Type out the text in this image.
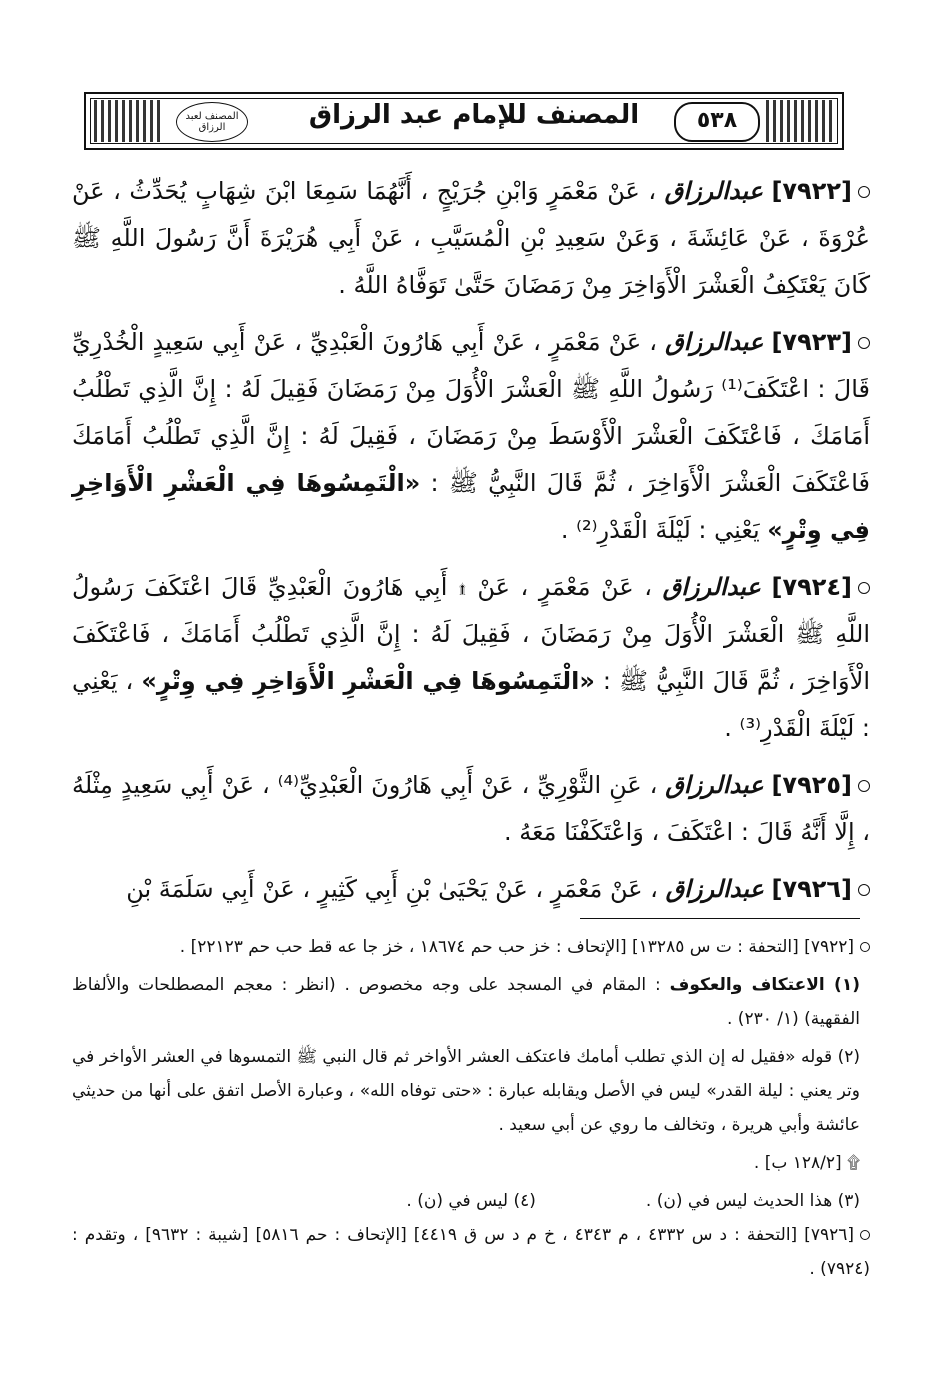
المصنف لعبد الرزاق	المصنف للإمام عبد الرزاق	٥٣٨

[٧٩٢٢] عبدالرزاق ، عَنْ مَعْمَرٍ وَابْنِ جُرَيْجٍ ، أَنَّهُمَا سَمِعَا ابْنَ شِهَابٍ يُحَدِّثُ ، عَنْ عُرْوَةَ ، عَنْ عَائِشَةَ ، وَعَنْ سَعِيدِ بْنِ الْمُسَيَّبِ ، عَنْ أَبِي هُرَيْرَةَ أَنَّ رَسُولَ اللَّهِ ﷺ كَانَ يَعْتَكِفُ الْعَشْرَ الْأَوَاخِرَ مِنْ رَمَضَانَ حَتَّىٰ تَوَفَّاهُ اللَّهُ .

[٧٩٢٣] عبدالرزاق ، عَنْ مَعْمَرٍ ، عَنْ أَبِي هَارُونَ الْعَبْدِيِّ ، عَنْ أَبِي سَعِيدٍ الْخُدْرِيِّ قَالَ : اعْتَكَفَ⁽¹⁾ رَسُولُ اللَّهِ ﷺ الْعَشْرَ الْأُوَلَ مِنْ رَمَضَانَ فَقِيلَ لَهُ : إِنَّ الَّذِي تَطْلُبُ أَمَامَكَ ، فَاعْتَكَفَ الْعَشْرَ الْأَوْسَطَ مِنْ رَمَضَانَ ، فَقِيلَ لَهُ : إِنَّ الَّذِي تَطْلُبُ أَمَامَكَ فَاعْتَكَفَ الْعَشْرَ الْأَوَاخِرَ ، ثُمَّ قَالَ النَّبِيُّ ﷺ : «الْتَمِسُوهَا فِي الْعَشْرِ الْأَوَاخِرِ فِي وِتْرٍ» يَعْنِي : لَيْلَةَ الْقَدْرِ⁽²⁾ .

[٧٩٢٤] عبدالرزاق ، عَنْ مَعْمَرٍ ، عَنْ ۩ أَبِي هَارُونَ الْعَبْدِيِّ قَالَ اعْتَكَفَ رَسُولُ اللَّهِ ﷺ الْعَشْرَ الْأُوَلَ مِنْ رَمَضَانَ ، فَقِيلَ لَهُ : إِنَّ الَّذِي تَطْلُبُ أَمَامَكَ ، فَاعْتَكَفَ الْأَوَاخِرَ ، ثُمَّ قَالَ النَّبِيُّ ﷺ : «الْتَمِسُوهَا فِي الْعَشْرِ الْأَوَاخِرِ فِي وِتْرٍ» ، يَعْنِي : لَيْلَةَ الْقَدْرِ⁽³⁾ .

[٧٩٢٥] عبدالرزاق ، عَنِ الثَّوْرِيِّ ، عَنْ أَبِي هَارُونَ الْعَبْدِيِّ⁽⁴⁾ ، عَنْ أَبِي سَعِيدٍ مِثْلَهُ ، إِلَّا أَنَّهُ قَالَ : اعْتَكَفَ ، وَاعْتَكَفْنَا مَعَهُ .

[٧٩٢٦] عبدالرزاق ، عَنْ مَعْمَرٍ ، عَنْ يَحْيَىٰ بْنِ أَبِي كَثِيرٍ ، عَنْ أَبِي سَلَمَةَ بْنِ

[٧٩٢٢] [التحفة : ت س ١٣٢٨٥] [الإتحاف : خز حب حم ١٨٦٧٤ ، خز جا عه قط حب حم ٢٢١٢٣] .

(١) الاعتكاف والعكوف : المقام في المسجد على وجه مخصوص . (انظر : معجم المصطلحات والألفاظ الفقهية) (١/ ٢٣٠) .

(٢) قوله «فقيل له إن الذي تطلب أمامك فاعتكف العشر الأواخر ثم قال النبي ﷺ التمسوها في العشر الأواخر في وتر يعني : ليلة القدر» ليس في الأصل ويقابله عبارة : «حتى توفاه الله» ، وعبارة الأصل اتفق على أنها من حديثي عائشة وأبي هريرة ، وتخالف ما روي عن أبي سعيد .

۩ [١٢٨/٢ ب] .

(٣) هذا الحديث ليس في (ن) .
(٤) ليس في (ن) .

[٧٩٢٦] [التحفة : د س ٤٣٣٢ ، م ٤٣٤٣ ، خ م د س ق ٤٤١٩] [الإتحاف : حم ٥٨١٦] [شيبة : ٩٦٣٢] ، وتقدم : (٧٩٢٤) .
